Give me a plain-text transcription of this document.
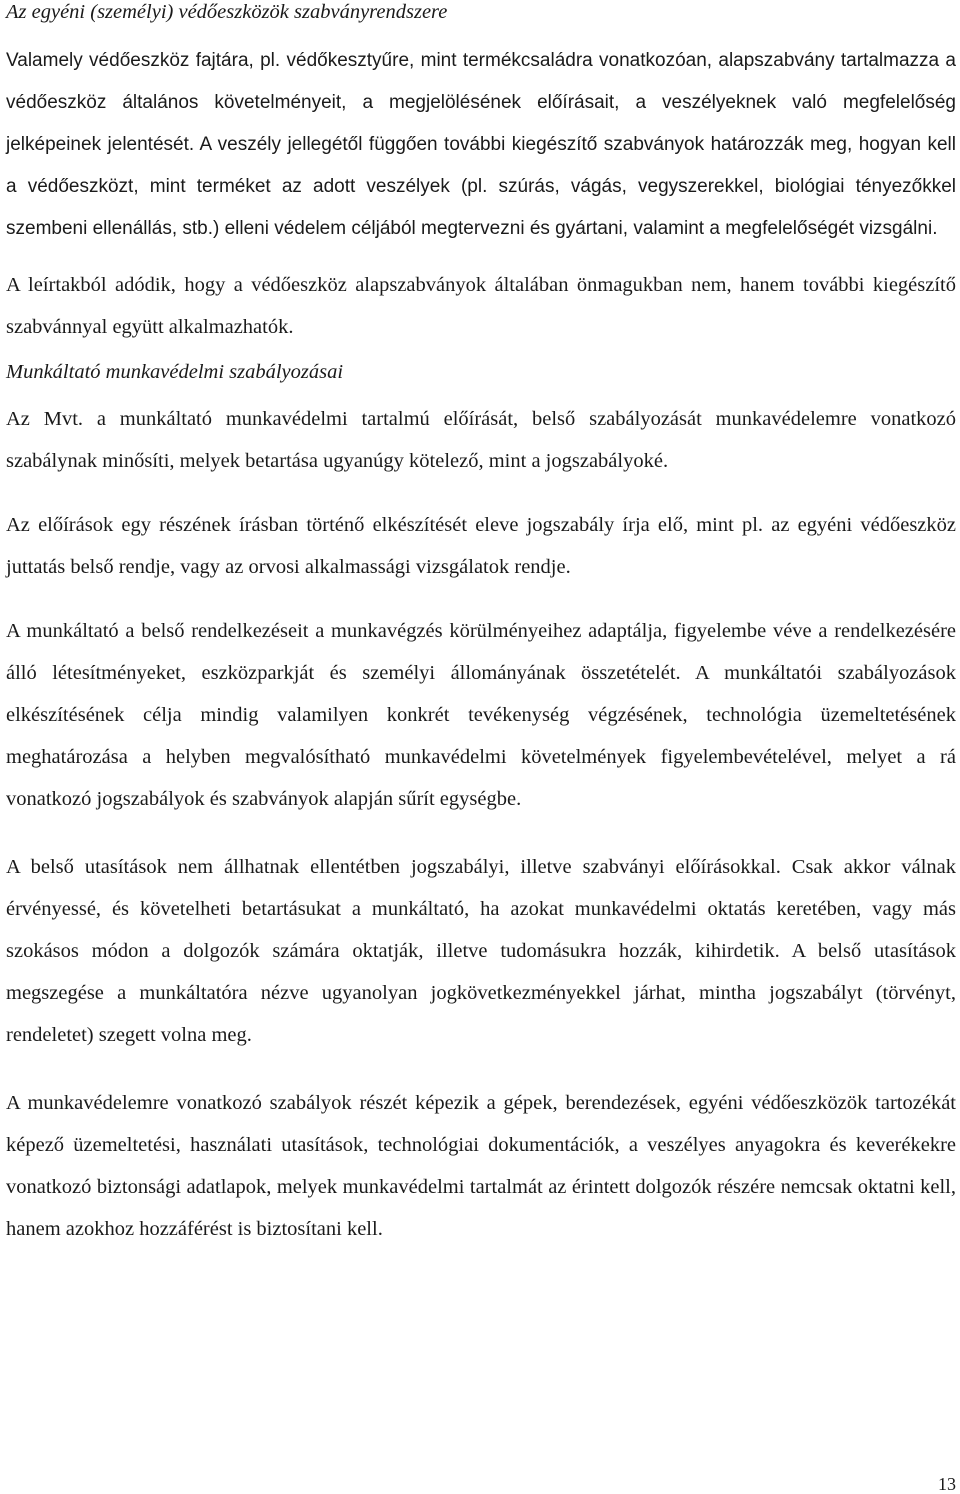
Az egyéni (személyi) védőeszközök szabványrendszere

Valamely védőeszköz fajtára, pl. védőkesztyűre, mint termékcsaládra vonatkozóan, alapszabvány tartalmazza a védőeszköz általános követelményeit, a megjelölésének előírásait, a veszélyeknek való megfelelőség jelképeinek jelentését. A veszély jellegétől függően további kiegészítő szabványok határozzák meg, hogyan kell a védőeszközt, mint terméket az adott veszélyek (pl. szúrás, vágás, vegyszerekkel, biológiai tényezőkkel szembeni ellenállás, stb.) elleni védelem céljából megtervezni és gyártani, valamint a megfelelőségét vizsgálni.

A leírtakból adódik, hogy a védőeszköz alapszabványok általában önmagukban nem, hanem további kiegészítő szabvánnyal együtt alkalmazhatók.

Munkáltató munkavédelmi szabályozásai

Az Mvt. a munkáltató munkavédelmi tartalmú előírását, belső szabályozását munkavédelemre vonatkozó szabálynak minősíti, melyek betartása ugyanúgy kötelező, mint a jogszabályoké.

Az előírások egy részének írásban történő elkészítését eleve jogszabály írja elő, mint pl. az egyéni védőeszköz juttatás belső rendje, vagy az orvosi alkalmassági vizsgálatok rendje.

A munkáltató a belső rendelkezéseit a munkavégzés körülményeihez adaptálja, figyelembe véve a rendelkezésére álló létesítményeket, eszközparkját és személyi állományának összetételét. A munkáltatói szabályozások elkészítésének célja mindig valamilyen konkrét tevékenység végzésének, technológia üzemeltetésének meghatározása a helyben megvalósítható munkavédelmi követelmények figyelembevételével, melyet a rá vonatkozó jogszabályok és szabványok alapján sűrít egységbe.

A belső utasítások nem állhatnak ellentétben jogszabályi, illetve szabványi előírásokkal. Csak akkor válnak érvényessé, és követelheti betartásukat a munkáltató, ha azokat munkavédelmi oktatás keretében, vagy más szokásos módon a dolgozók számára oktatják, illetve tudomásukra hozzák, kihirdetik. A belső utasítások megszegése a munkáltatóra nézve ugyanolyan jogkövetkezményekkel járhat, mintha jogszabályt (törvényt, rendeletet) szegett volna meg.

A munkavédelemre vonatkozó szabályok részét képezik a gépek, berendezések, egyéni védőeszközök tartozékát képező üzemeltetési, használati utasítások, technológiai dokumentációk, a veszélyes anyagokra és keverékekre vonatkozó biztonsági adatlapok, melyek munkavédelmi tartalmát az érintett dolgozók részére nemcsak oktatni kell, hanem azokhoz hozzáférést is biztosítani kell.

13
